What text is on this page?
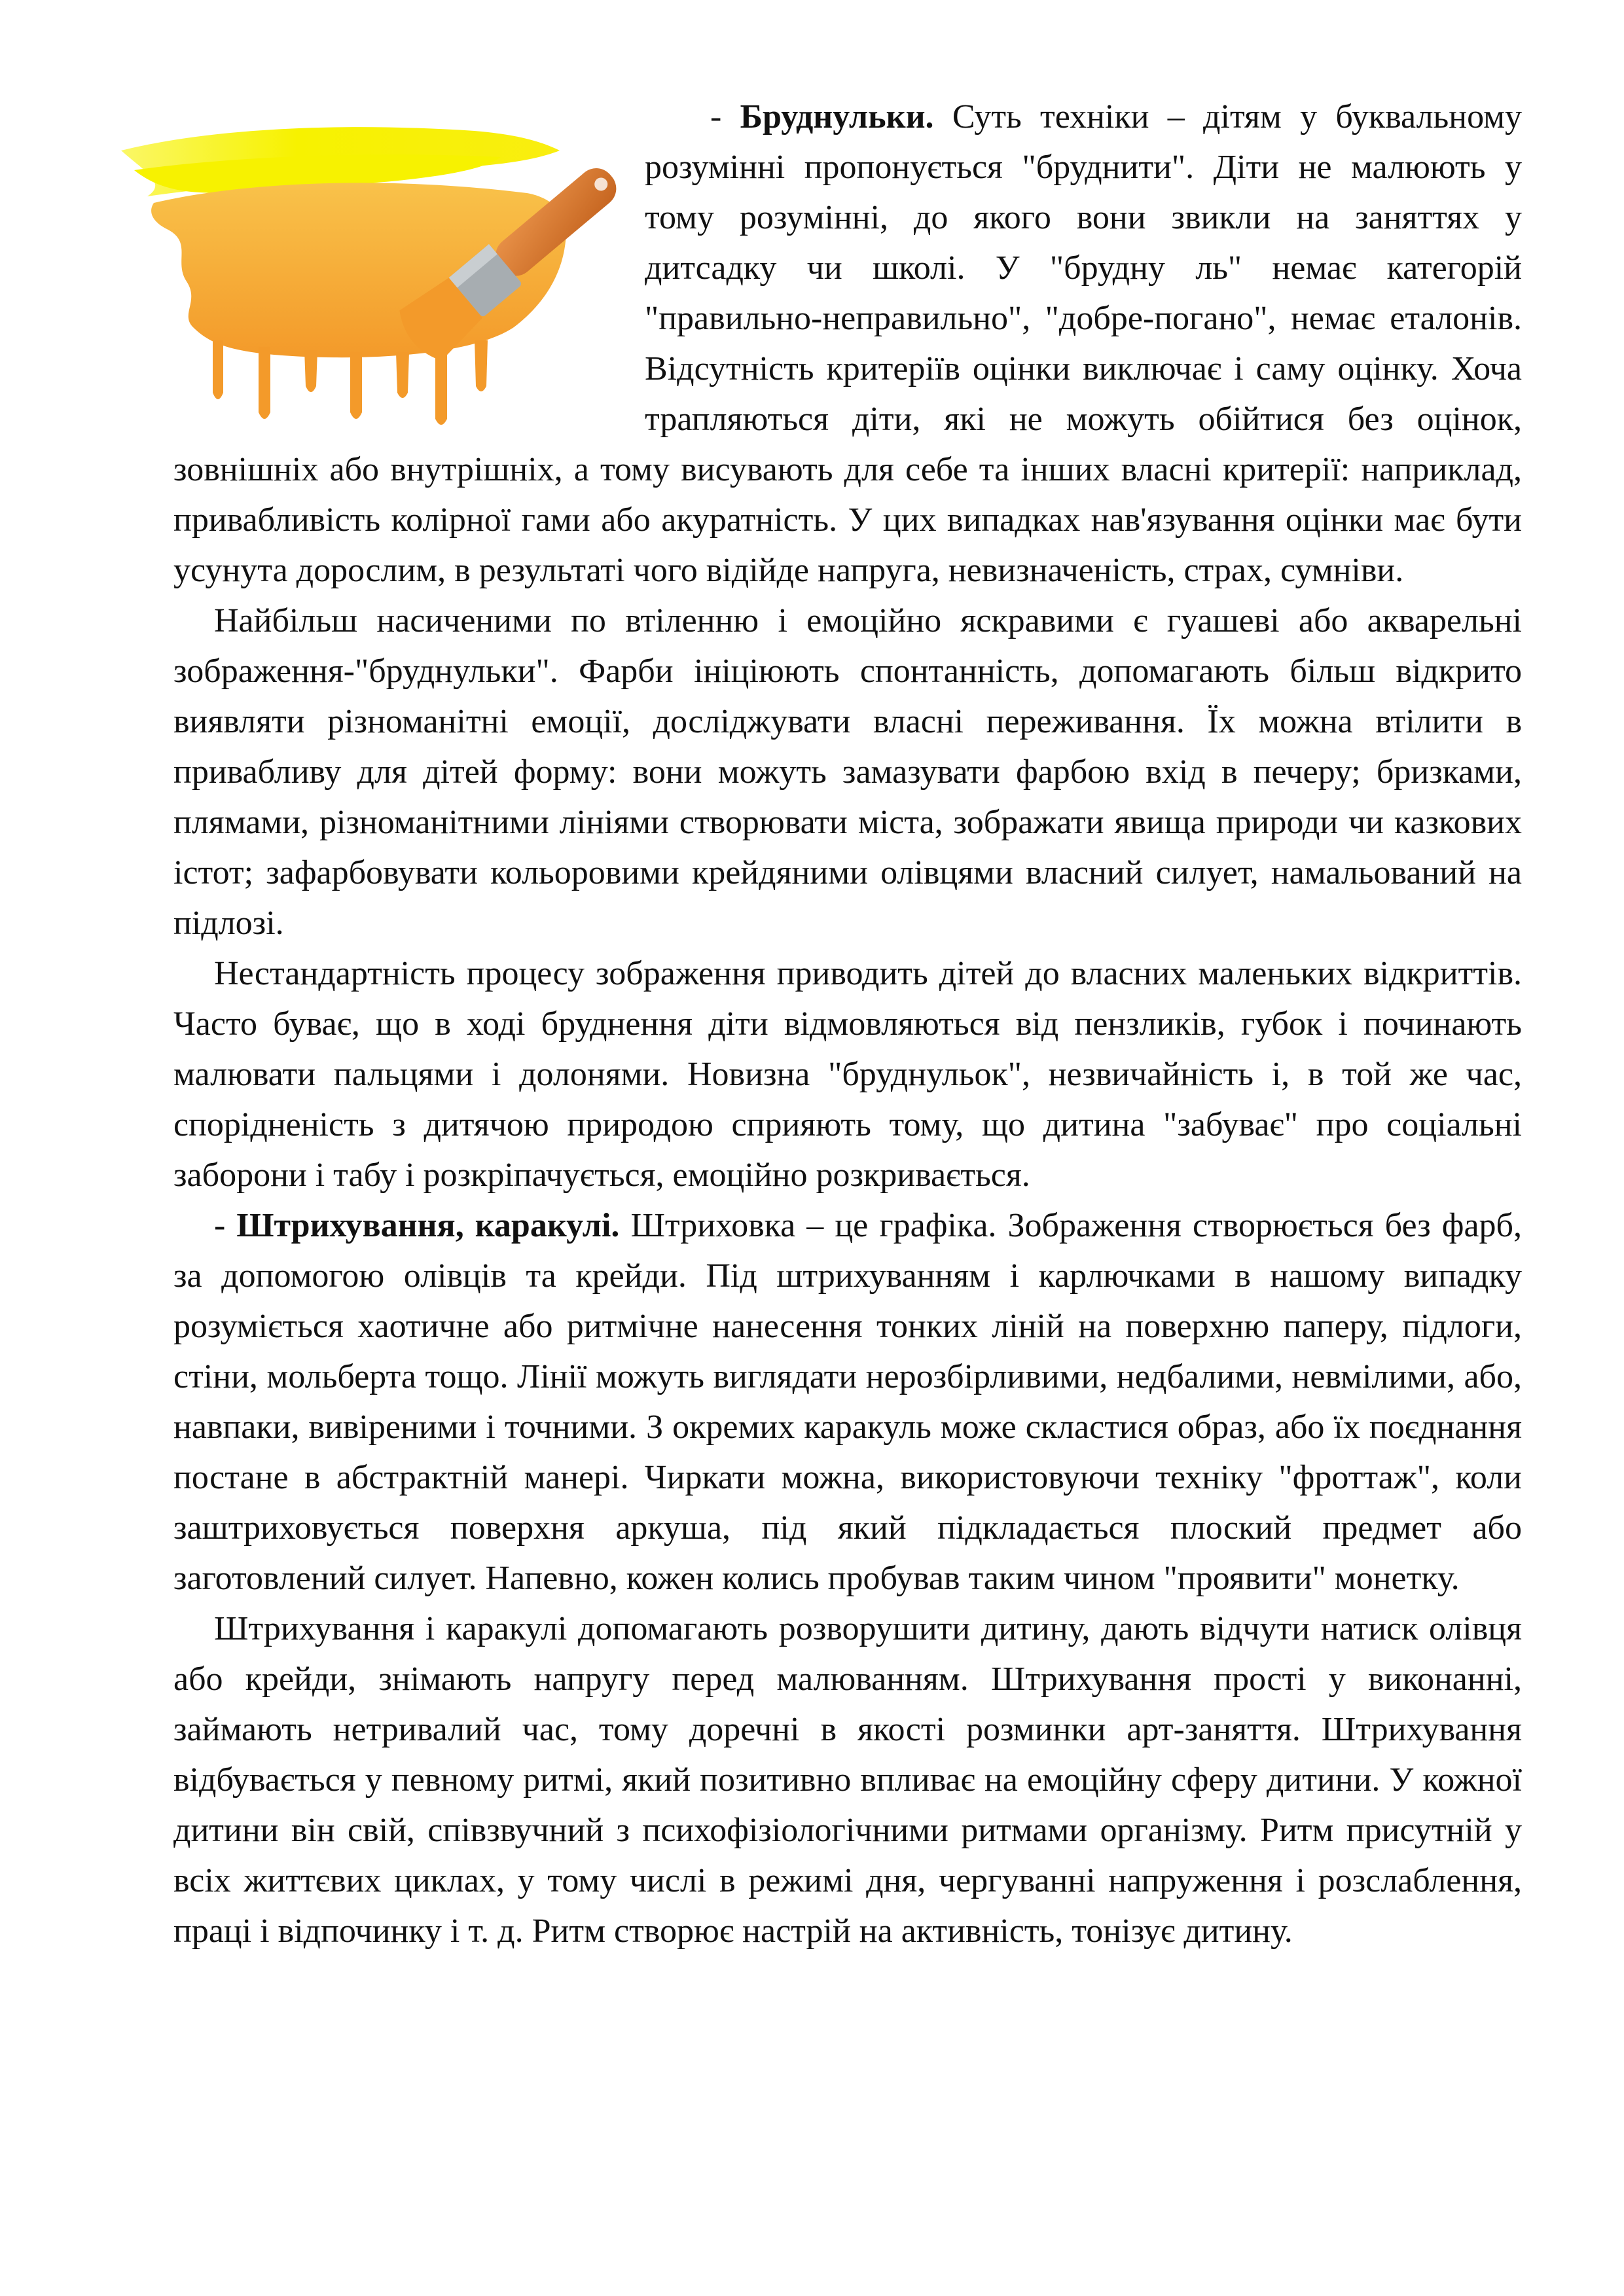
- Бруднульки. Суть техніки – дітям у буквальному розумінні пропонується "бруднити". Діти не малюють у тому розумінні, до якого вони звикли на заняттях у дитсадку чи школі. У "брудну ль" немає категорій "правильно-неправильно", "добре-погано", немає еталонів. Відсутність критеріїв оцінки виключає і саму оцінку. Хоча трапляються діти, які не можуть обійтися без оцінок, зовнішніх або внутрішніх, а тому висувають для себе та інших власні критерії: наприклад, привабливість колірної гами або акуратність. У цих випадках нав'язування оцінки має бути усунута дорослим, в результаті чого відійде напруга, невизначеність, страх, сумніви.

Найбільш насиченими по втіленню і емоційно яскравими є гуашеві або акварельні зображення-"бруднульки". Фарби ініціюють спонтанність, допомагають більш відкрито виявляти різноманітні емоції, досліджувати власні переживання. Їх можна втілити в привабливу для дітей форму: вони можуть замазувати фарбою вхід в печеру; бризками, плямами, різноманітними лініями створювати міста, зображати явища природи чи казкових істот; зафарбовувати кольоровими крейдяними олівцями власний силует, намальований на підлозі.

Нестандартність процесу зображення приводить дітей до власних маленьких відкриттів. Часто буває, що в ході бруднення діти відмовляються від пензликів, губок і починають малювати пальцями і долонями. Новизна "бруднульок", незвичайність і, в той же час, спорідненість з дитячою природою сприяють тому, що дитина "забуває" про соціальні заборони і табу і розкріпачується, емоційно розкривається.

- Штрихування, каракулі. Штриховка – це графіка. Зображення створюється без фарб, за допомогою олівців та крейди. Під штрихуванням і карлючками в нашому випадку розуміється хаотичне або ритмічне нанесення тонких ліній на поверхню паперу, підлоги, стіни, мольберта тощо. Лінії можуть виглядати нерозбірливими, недбалими, невмілими, або, навпаки, вивіреними і точними. З окремих каракуль може скластися образ, або їх поєднання постане в абстрактній манері. Чиркати можна, використовуючи техніку "фроттаж", коли заштриховується поверхня аркуша, під який підкладається плоский предмет або заготовлений силует. Напевно, кожен колись пробував таким чином "проявити" монетку.

Штрихування і каракулі допомагають розворушити дитину, дають відчути натиск олівця або крейди, знімають напругу перед малюванням. Штрихування прості у виконанні, займають нетривалий час, тому доречні в якості розминки арт-заняття. Штрихування відбувається у певному ритмі, який позитивно впливає на емоційну сферу дитини. У кожної дитини він свій, співзвучний з психофізіологічними ритмами організму. Ритм присутній у всіх життєвих циклах, у тому числі в режимі дня, чергуванні напруження і розслаблення, праці і відпочинку і т. д. Ритм створює настрій на активність, тонізує дитину.
